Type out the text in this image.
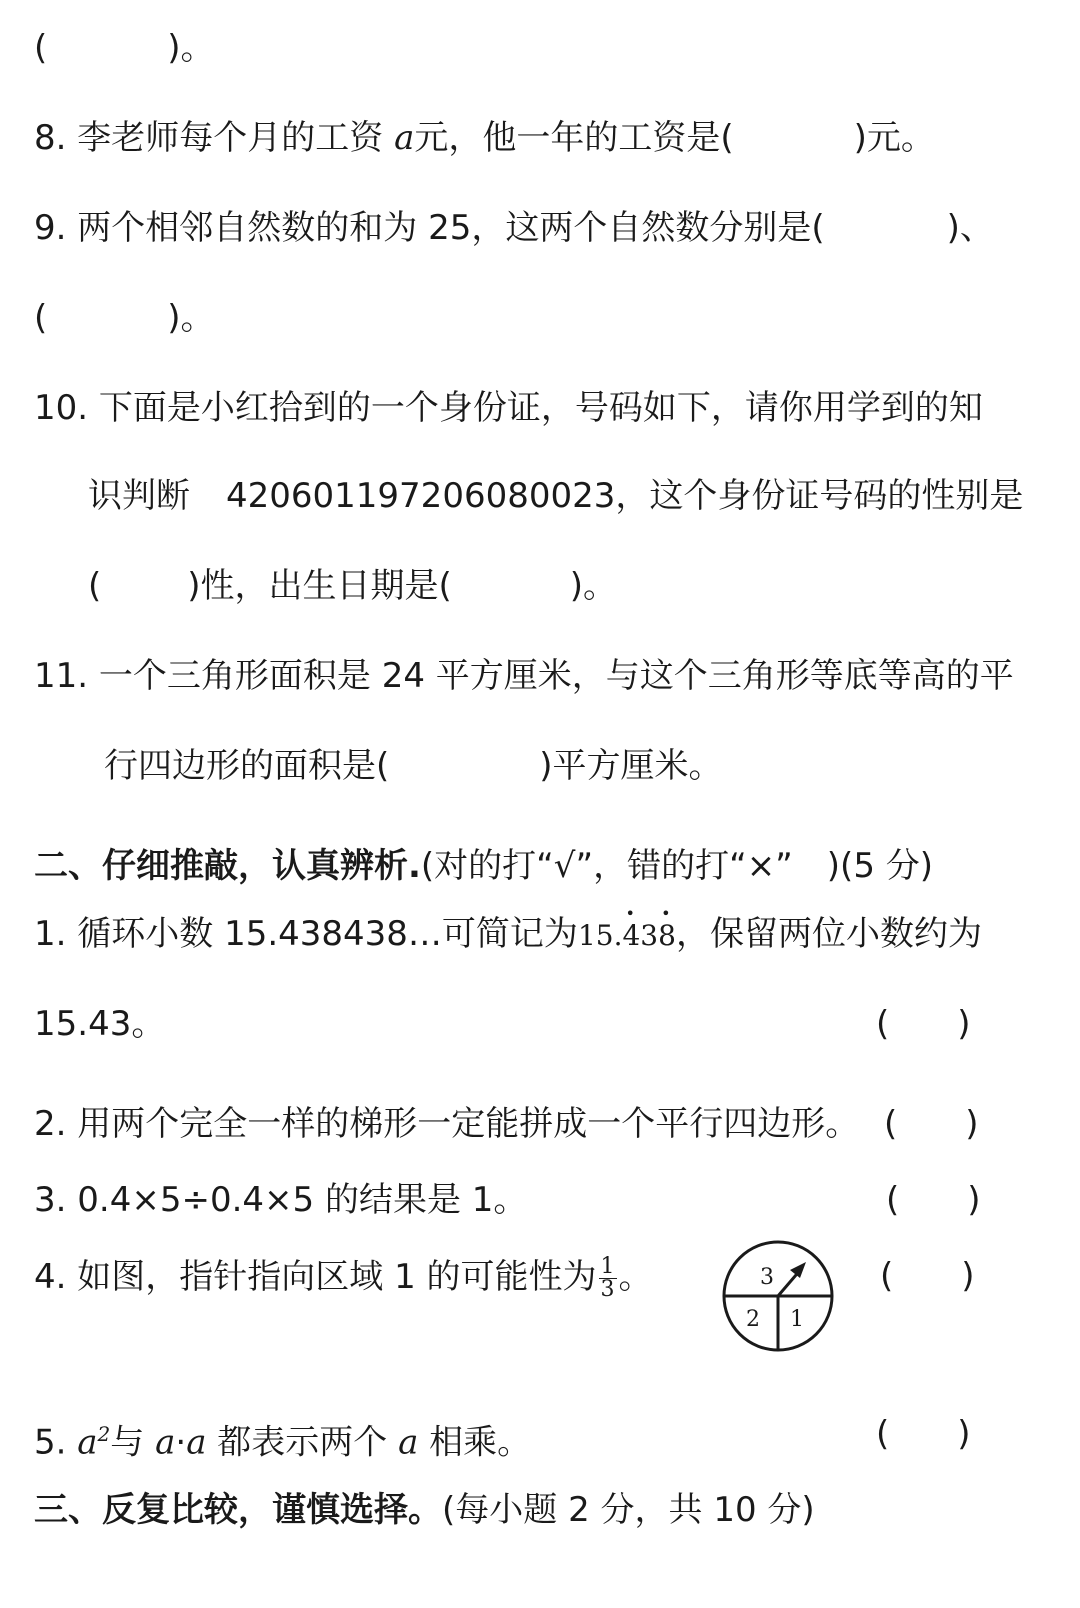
(	)。
8. 李老师每个月的工资 a元，他一年的工资是(	)元。
9. 两个相邻自然数的和为 25，这两个自然数分别是(	)、
(	)。
10. 下面是小红拾到的一个身份证，号码如下，请你用学到的知
识判断 420601197206080023，这个身份证号码的性别是
(	)性，出生日期是(	)。
11. 一个三角形面积是 24 平方厘米，与这个三角形等底等高的平
行四边形的面积是(	)平方厘米。
二、仔细推敲，认真辨析.(对的打“√”，错的打“×”　)(5 分)
1. 循环小数 15.438438…可简记为15.• 43• 8，保留两位小数约为
15.43。	(　　)
2. 用两个完全一样的梯形一定能拼成一个平行四边形。 (　　)
3. 0.4×5÷0.4×5 的结果是 1。	(　　)
4. 如图，指针指向区域 1 的可能性为 $\frac{1}{3}$ 。	(　　)
3
2 1
5. $a^2$与 a·a 都表示两个 a 相乘。	(　　)
三、反复比较，谨慎选择。(每小题 2 分，共 10 分)
